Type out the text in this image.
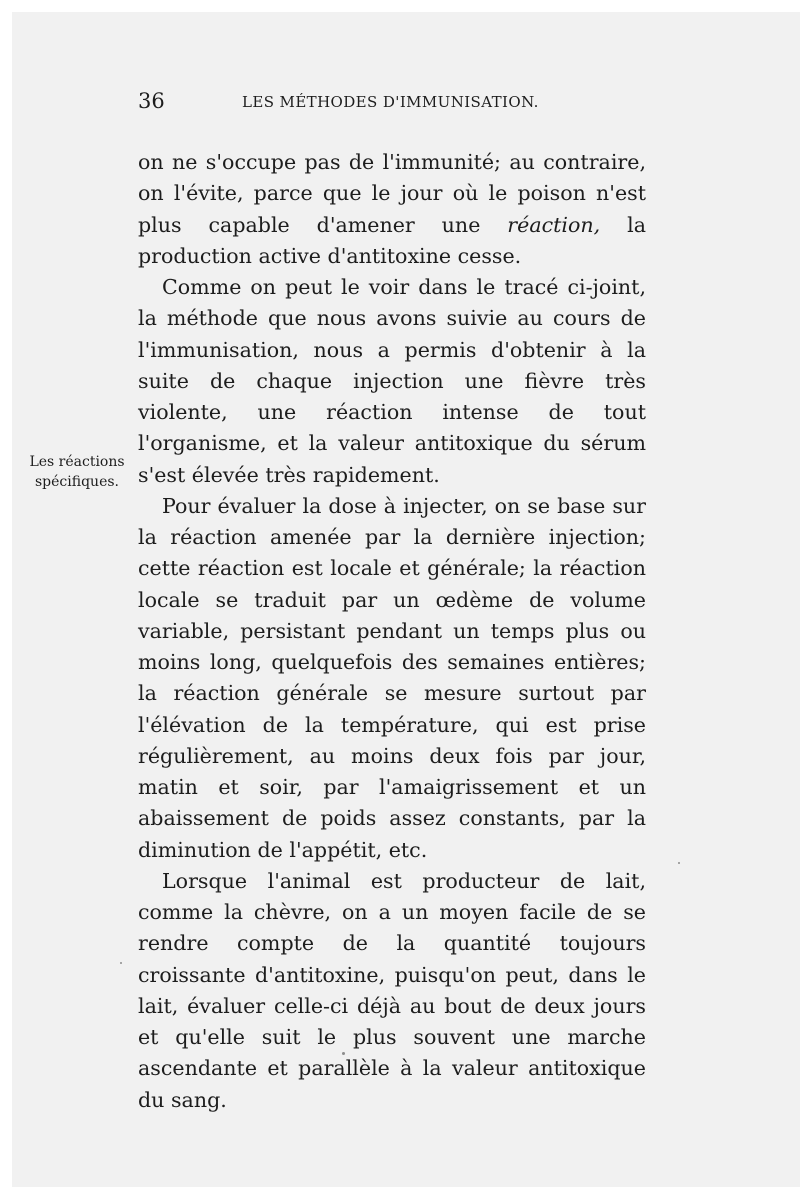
36	LES MÉTHODES D'IMMUNISATION.
Les réactions spécifiques.

on ne s'occupe pas de l'immunité; au contraire, on l'évite, parce que le jour où le poison n'est plus capable d'amener une réaction, la production active d'antitoxine cesse.

Comme on peut le voir dans le tracé ci-joint, la méthode que nous avons suivie au cours de l'immunisation, nous a permis d'obtenir à la suite de chaque injection une fièvre très violente, une réaction intense de tout l'organisme, et la valeur antitoxique du sérum s'est élevée très rapidement.

Pour évaluer la dose à injecter, on se base sur la réaction amenée par la dernière injection; cette réaction est locale et générale; la réaction locale se traduit par un œdème de volume variable, persistant pendant un temps plus ou moins long, quelquefois des semaines entières; la réaction générale se mesure surtout par l'élévation de la température, qui est prise régulièrement, au moins deux fois par jour, matin et soir, par l'amaigrissement et un abaissement de poids assez constants, par la diminution de l'appétit, etc.

Lorsque l'animal est producteur de lait, comme la chèvre, on a un moyen facile de se rendre compte de la quantité toujours croissante d'antitoxine, puisqu'on peut, dans le lait, évaluer celle-ci déjà au bout de deux jours et qu'elle suit le plus souvent une marche ascendante et parallèle à la valeur antitoxique du sang.
